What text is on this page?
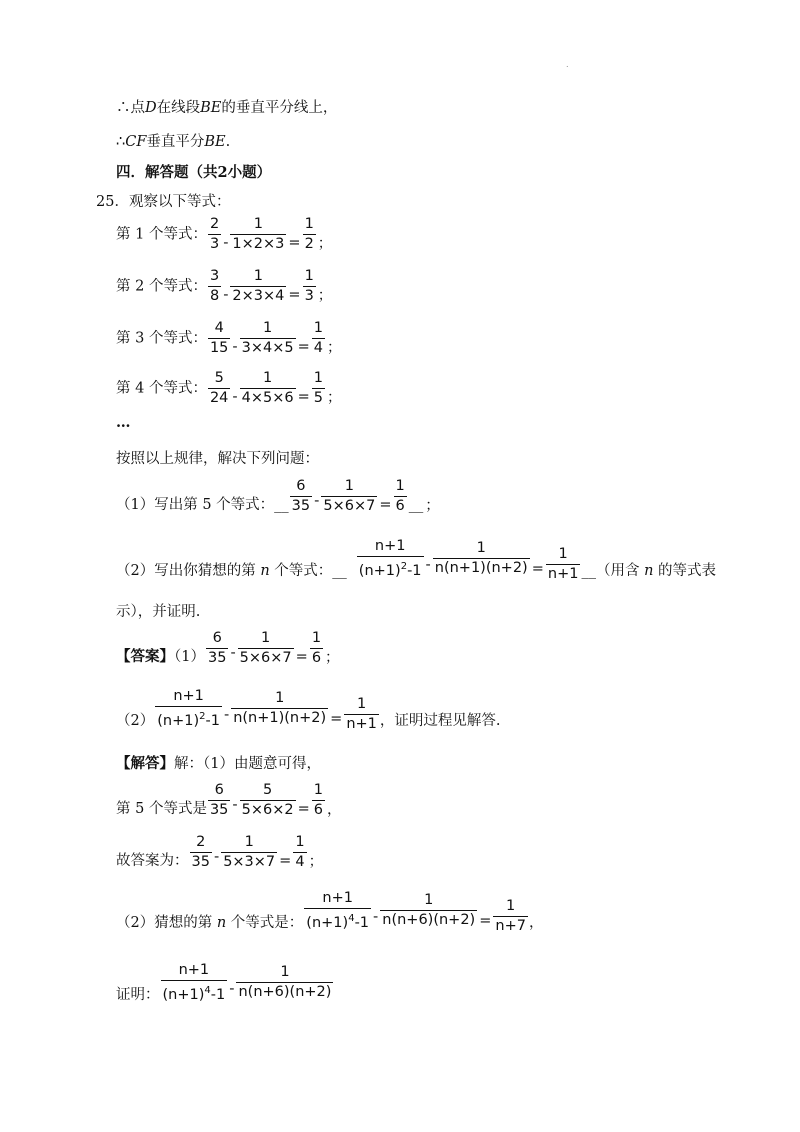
.
∴点D在线段BE的垂直平分线上，
∴CF垂直平分BE.
四．解答题（共2小题）
25．观察以下等式：
第 1 个等式： $\frac{2}{3} - \frac{1}{1\times 2\times 3} = \frac{1}{2}$ ；
第 2 个等式： $\frac{3}{8} - \frac{1}{2\times 3\times 4} = \frac{1}{3}$ ；
第 3 个等式： $\frac{4}{15} - \frac{1}{3\times 4\times 5} = \frac{1}{4}$ ；
第 4 个等式： $\frac{5}{24} - \frac{1}{4\times 5\times 6} = \frac{1}{5}$ ；
…
按照以上规律，解决下列问题：
（1）写出第 5 个等式：__ $\frac{6}{35} - \frac{1}{5\times 6\times 7} = \frac{1}{6}$ __ ；
（2）写出你猜想的第 n 个等式：__ $\frac{n+1}{(n+1)^2-1} - \frac{1}{n(n+1)(n+2)} = \frac{1}{n+1}$ __（用含 n 的等式表
示），并证明.
【答案】$(1) \frac{6}{35} - \frac{1}{5\times 6\times 7} = \frac{1}{6}$ ；
$(2) \frac{n+1}{(n+1)^2-1} - \frac{1}{n(n+1)(n+2)} = \frac{1}{n+1}$ ，证明过程见解答.
【解答】解：（1）由题意可得，
第 5 个等式是 $\frac{6}{35} - \frac{5}{5\times 6\times 2} = \frac{1}{6}$ ，
故答案为： $\frac{2}{35} - \frac{1}{5\times 3\times 7} = \frac{1}{4}$ ；
（2）猜想的第 n 个等式是： $\frac{n+1}{(n+1)^4-1} - \frac{1}{n(n+6)(n+2)} = \frac{1}{n+7}$ ，
证明： $\frac{n+1}{(n+1)^4-1} - \frac{1}{n(n+6)(n+2)}$
